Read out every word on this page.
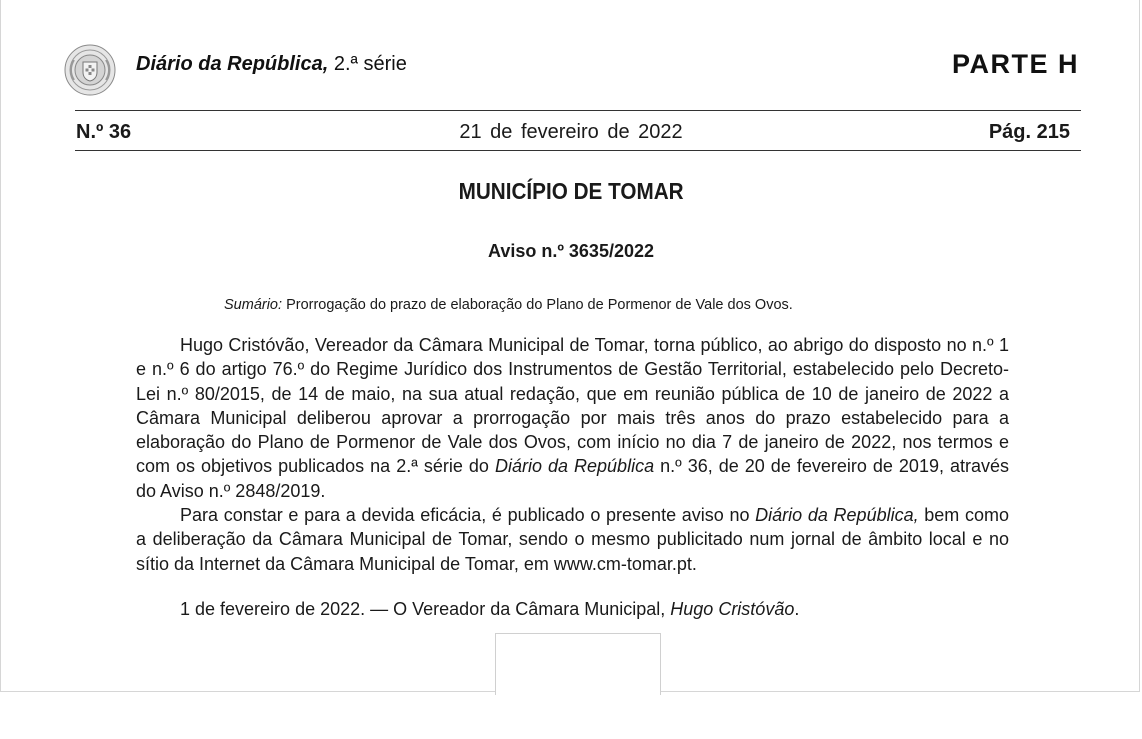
Diário da República, 2.ª série	PARTE H
N.º 36	21 de fevereiro de 2022	Pág. 215
MUNICÍPIO DE TOMAR
Aviso n.º 3635/2022
Sumário: Prorrogação do prazo de elaboração do Plano de Pormenor de Vale dos Ovos.

Hugo Cristóvão, Vereador da Câmara Municipal de Tomar, torna público, ao abrigo do disposto no n.º 1 e n.º 6 do artigo 76.º do Regime Jurídico dos Instrumentos de Gestão Territorial, estabelecido pelo Decreto-Lei n.º 80/2015, de 14 de maio, na sua atual redação, que em reunião pública de 10 de janeiro de 2022 a Câmara Municipal deliberou aprovar a prorrogação por mais três anos do prazo estabelecido para a elaboração do Plano de Pormenor de Vale dos Ovos, com início no dia 7 de janeiro de 2022, nos termos e com os objetivos publicados na 2.ª série do Diário da República n.º 36, de 20 de fevereiro de 2019, através do Aviso n.º 2848/2019.

Para constar e para a devida eficácia, é publicado o presente aviso no Diário da República, bem como a deliberação da Câmara Municipal de Tomar, sendo o mesmo publicitado num jornal de âmbito local e no sítio da Internet da Câmara Municipal de Tomar, em www.cm-tomar.pt.

1 de fevereiro de 2022. — O Vereador da Câmara Municipal, Hugo Cristóvão.
